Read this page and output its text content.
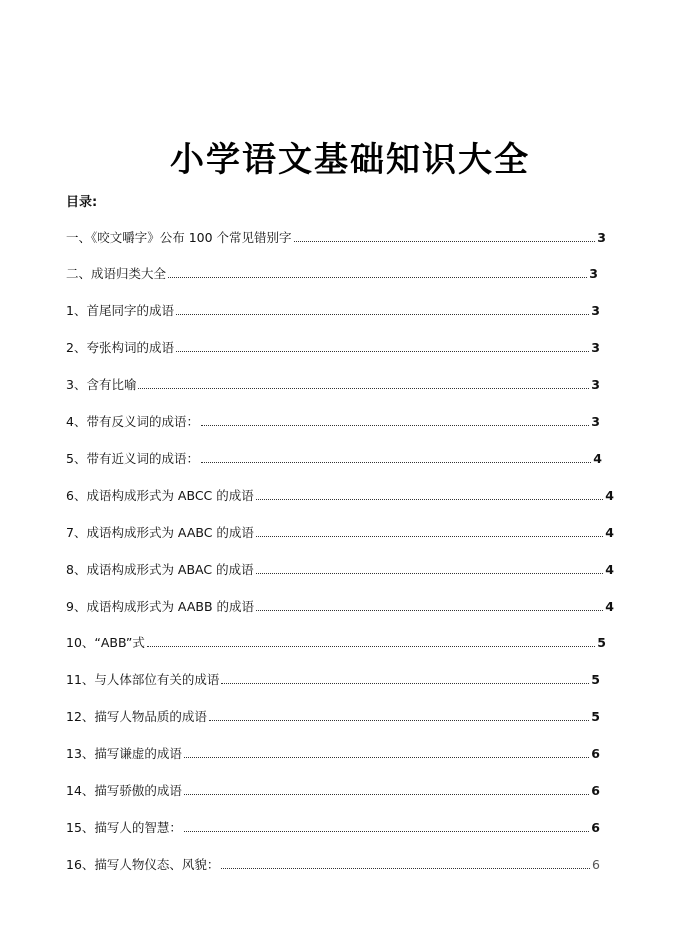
小学语文基础知识大全
目录:
一、《咬文嚼字》公布 100 个常见错别字	3
二、成语归类大全	3
1、首尾同字的成语	3
2、夸张构词的成语	3
3、含有比喻	3
4、带有反义词的成语：	3
5、带有近义词的成语：	4
6、成语构成形式为 ABCC 的成语	4
7、成语构成形式为 AABC 的成语	4
8、成语构成形式为 ABAC 的成语	4
9、成语构成形式为 AABB 的成语	4
10、“ABB”式	5
11、与人体部位有关的成语	5
12、描写人物品质的成语	5
13、描写谦虚的成语	6
14、描写骄傲的成语	6
15、描写人的智慧：	6
16、描写人物仪态、风貌：	6
